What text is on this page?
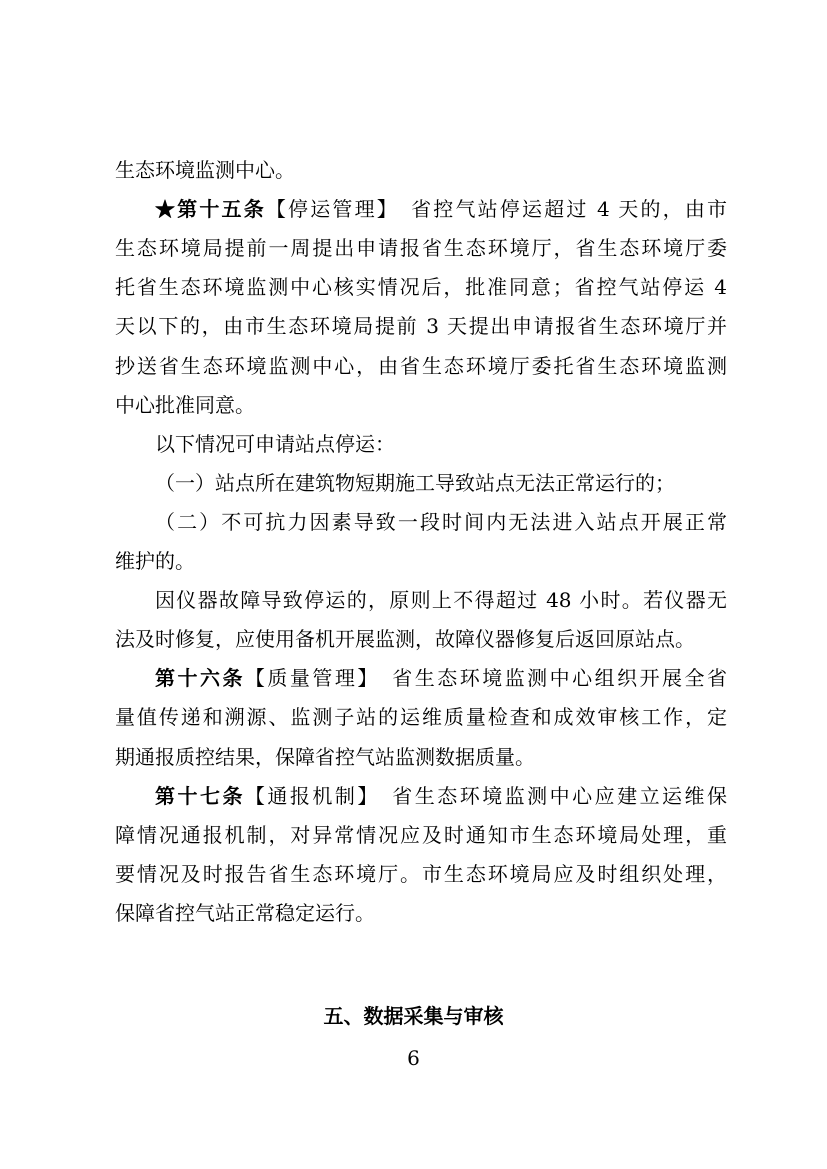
生态环境监测中心。
★第十五条【停运管理】　省控气站停运超过 4 天的，由市
生态环境局提前一周提出申请报省生态环境厅，省生态环境厅委
托省生态环境监测中心核实情况后，批准同意；省控气站停运 4
天以下的，由市生态环境局提前 3 天提出申请报省生态环境厅并
抄送省生态环境监测中心，由省生态环境厅委托省生态环境监测
中心批准同意。
以下情况可申请站点停运：
（一）站点所在建筑物短期施工导致站点无法正常运行的；
（二）不可抗力因素导致一段时间内无法进入站点开展正常
维护的。
因仪器故障导致停运的，原则上不得超过 48 小时。若仪器无
法及时修复，应使用备机开展监测，故障仪器修复后返回原站点。
第十六条【质量管理】　省生态环境监测中心组织开展全省
量值传递和溯源、监测子站的运维质量检查和成效审核工作，定
期通报质控结果，保障省控气站监测数据质量。
第十七条【通报机制】　省生态环境监测中心应建立运维保
障情况通报机制，对异常情况应及时通知市生态环境局处理，重
要情况及时报告省生态环境厅。市生态环境局应及时组织处理，
保障省控气站正常稳定运行。
五、数据采集与审核
6
